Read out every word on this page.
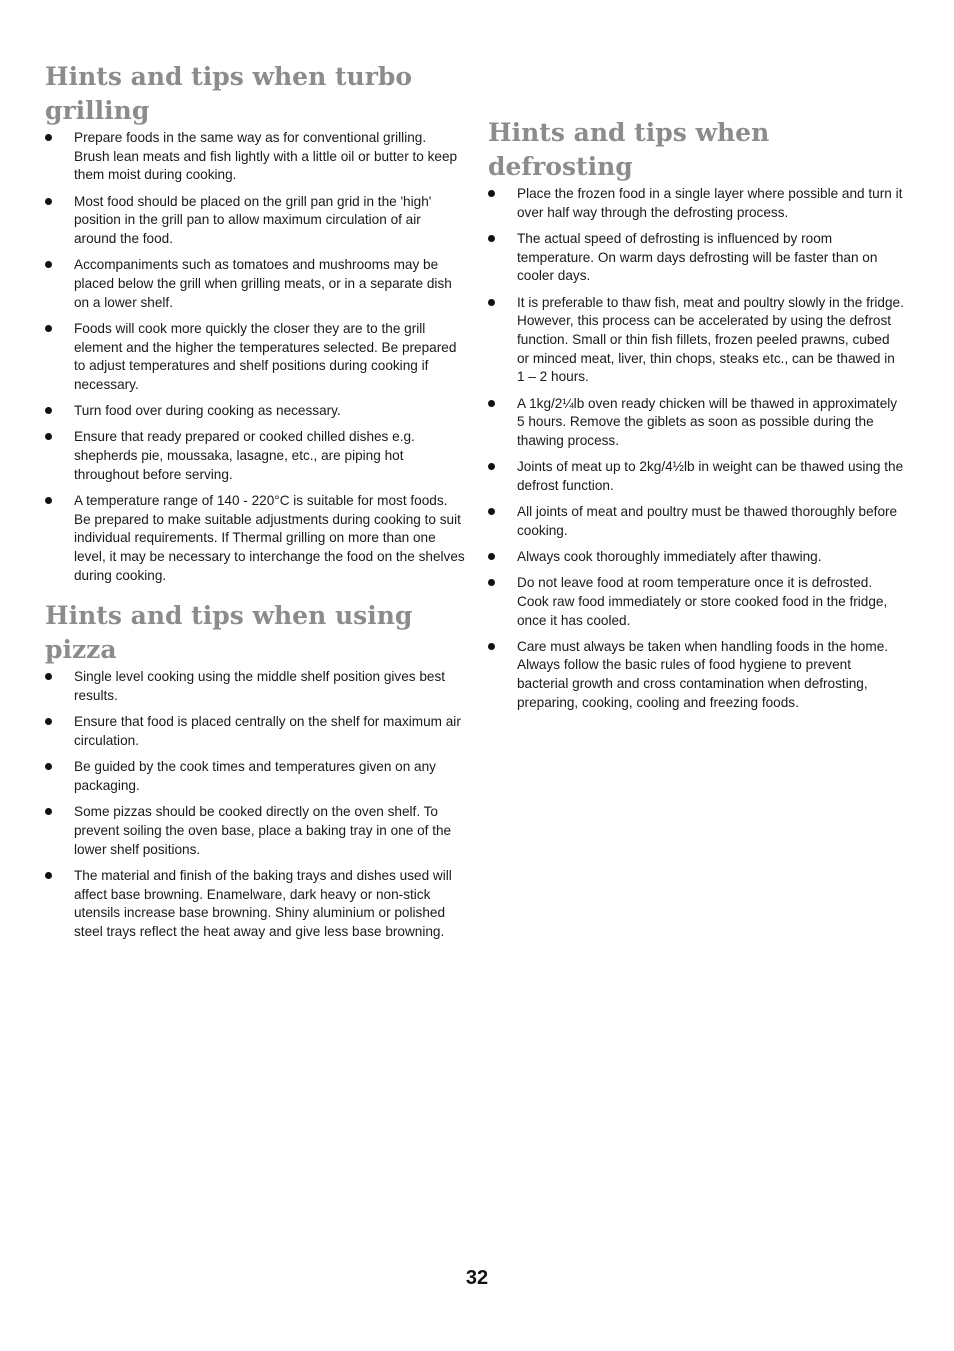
Hints and tips when turbo grilling
Prepare foods in the same way as for conventional grilling. Brush lean meats and fish lightly with a little oil or butter to keep them moist during cooking.
Most food should be placed on the grill pan grid in the 'high' position in the grill pan to allow maximum circulation of air around the food.
Accompaniments such as tomatoes and mushrooms may be placed below the grill when grilling meats, or in a separate dish on a lower shelf.
Foods will cook more quickly the closer they are to the grill element and the higher the temperatures selected. Be prepared to adjust temperatures and shelf positions during cooking if necessary.
Turn food over during cooking as necessary.
Ensure that ready prepared or cooked chilled dishes e.g. shepherds pie, moussaka, lasagne, etc., are piping hot throughout before serving.
A temperature range of 140 - 220°C is suitable for most foods. Be prepared to make suitable adjustments during cooking to suit individual requirements. If Thermal grilling on more than one level, it may be necessary to interchange the food on the shelves during cooking.
Hints and tips when using pizza
Single level cooking using the middle shelf position gives best results.
Ensure that food is placed centrally on the shelf for maximum air circulation.
Be guided by the cook times and temperatures given on any packaging.
Some pizzas should be cooked directly on the oven shelf. To prevent soiling the oven base, place a baking tray in one of the lower shelf positions.
The material and finish of the baking trays and dishes used will affect base browning. Enamelware, dark heavy or non-stick utensils increase base browning. Shiny aluminium or polished steel trays reflect the heat away and give less base browning.
Hints and tips when defrosting
Place the frozen food in a single layer where possible and turn it over half way through the defrosting process.
The actual speed of defrosting is influenced by room temperature. On warm days defrosting will be faster than on cooler days.
It is preferable to thaw fish, meat and poultry slowly in the fridge. However, this process can be accelerated by using the defrost function. Small or thin fish fillets, frozen peeled prawns, cubed or minced meat, liver, thin chops, steaks etc., can be thawed in 1 – 2 hours.
A 1kg/2¼lb oven ready chicken will be thawed in approximately 5 hours. Remove the giblets as soon as possible during the thawing process.
Joints of meat up to 2kg/4½lb in weight can be thawed using the defrost function.
All joints of meat and poultry must be thawed thoroughly before cooking.
Always cook thoroughly immediately after thawing.
Do not leave food at room temperature once it is defrosted. Cook raw food immediately or store cooked food in the fridge, once it has cooled.
Care must always be taken when handling foods in the home. Always follow the basic rules of food hygiene to prevent bacterial growth and cross contamination when defrosting, preparing, cooking, cooling and freezing foods.
32
